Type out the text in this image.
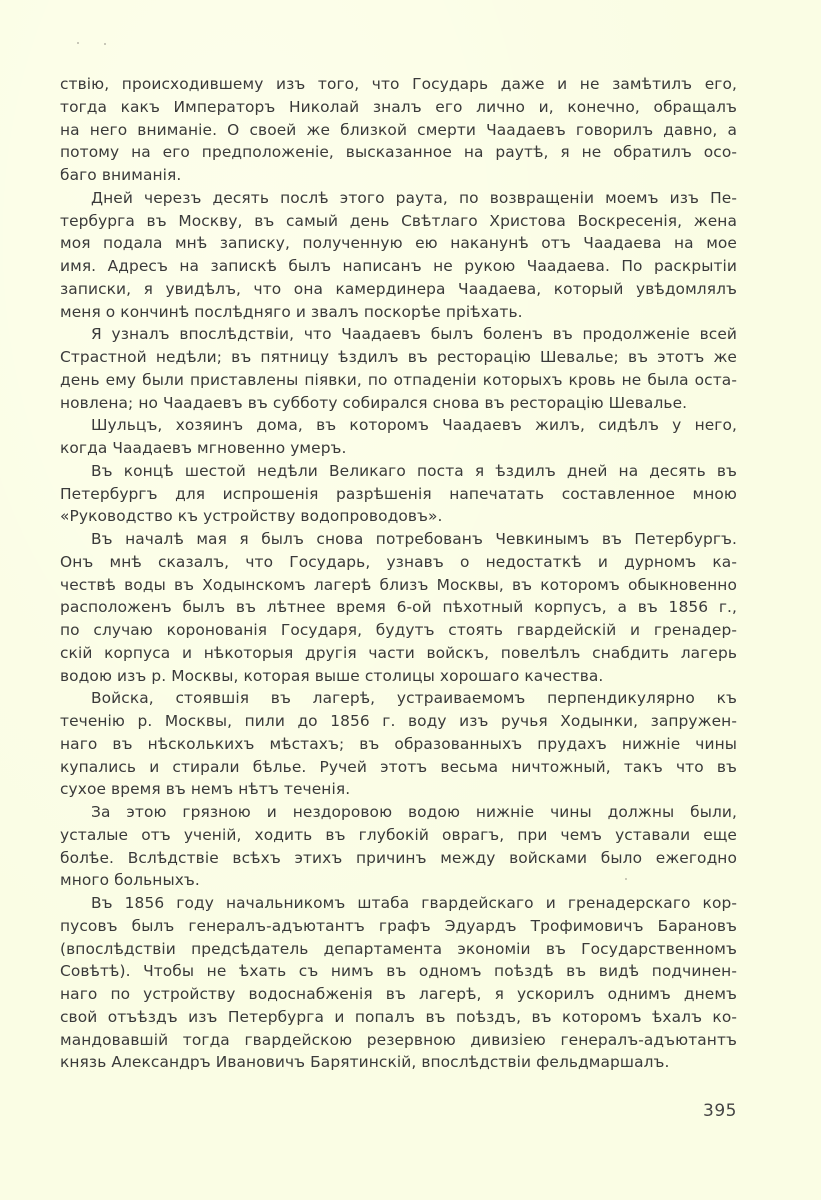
ствію, происходившему изъ того, что Государь даже и не замѣтилъ его,
тогда какъ Императоръ Николай зналъ его лично и, конечно, обращалъ
на него вниманіе. О своей же близкой смерти Чаадаевъ говорилъ давно, а
потому на его предположеніе, высказанное на раутѣ, я не обратилъ осо-
баго вниманія.
Дней черезъ десять послѣ этого раута, по возвращеніи моемъ изъ Пе-
тербурга въ Москву, въ самый день Свѣтлаго Христова Воскресенія, жена
моя подала мнѣ записку, полученную ею наканунѣ отъ Чаадаева на мое
имя. Адресъ на запискѣ былъ написанъ не рукою Чаадаева. По раскрытіи
записки, я увидѣлъ, что она камердинера Чаадаева, который увѣдомлялъ
меня о кончинѣ послѣдняго и звалъ поскорѣе пріѣхать.
Я узналъ впослѣдствіи, что Чаадаевъ былъ боленъ въ продолженіе всей
Страстной недѣли; въ пятницу ѣздилъ въ ресторацію Шевалье; въ этотъ же
день ему были приставлены піявки, по отпаденіи которыхъ кровь не была оста-
новлена; но Чаадаевъ въ субботу собирался снова въ ресторацію Шевалье.
Шульцъ, хозяинъ дома, въ которомъ Чаадаевъ жилъ, сидѣлъ у него,
когда Чаадаевъ мгновенно умеръ.
Въ концѣ шестой недѣли Великаго поста я ѣздилъ дней на десять въ
Петербургъ для испрошенія разрѣшенія напечатать составленное мною
«Руководство къ устройству водопроводовъ».
Въ началѣ мая я былъ снова потребованъ Чевкинымъ въ Петербургъ.
Онъ мнѣ сказалъ, что Государь, узнавъ о недостаткѣ и дурномъ ка-
чествѣ воды въ Ходынскомъ лагерѣ близъ Москвы, въ которомъ обыкновенно
расположенъ былъ въ лѣтнее время 6-ой пѣхотный корпусъ, а въ 1856 г.,
по случаю коронованія Государя, будутъ стоять гвардейскій и гренадер-
скій корпуса и нѣкоторыя другія части войскъ, повелѣлъ снабдить лагерь
водою изъ р. Москвы, которая выше столицы хорошаго качества.
Войска, стоявшія въ лагерѣ, устраиваемомъ перпендикулярно къ
теченію р. Москвы, пили до 1856 г. воду изъ ручья Ходынки, запружен-
наго въ нѣсколькихъ мѣстахъ; въ образованныхъ прудахъ нижніе чины
купались и стирали бѣлье. Ручей этотъ весьма ничтожный, такъ что въ
сухое время въ немъ нѣтъ теченія.
За этою грязною и нездоровою водою нижніе чины должны были,
усталые отъ ученій, ходить въ глубокій оврагъ, при чемъ уставали еще
болѣе. Вслѣдствіе всѣхъ этихъ причинъ между войсками было ежегодно
много больныхъ.
Въ 1856 году начальникомъ штаба гвардейскаго и гренадерскаго кор-
пусовъ былъ генералъ-адъютантъ графъ Эдуардъ Трофимовичъ Барановъ
(впослѣдствіи предсѣдатель департамента экономіи въ Государственномъ
Совѣтѣ). Чтобы не ѣхать съ нимъ въ одномъ поѣздѣ въ видѣ подчинен-
наго по устройству водоснабженія въ лагерѣ, я ускорилъ однимъ днемъ
свой отъѣздъ изъ Петербурга и попалъ въ поѣздъ, въ которомъ ѣхалъ ко-
мандовавшій тогда гвардейскою резервною дивизіею генералъ-адъютантъ
князь Александръ Ивановичъ Барятинскій, впослѣдствіи фельдмаршалъ.
395
